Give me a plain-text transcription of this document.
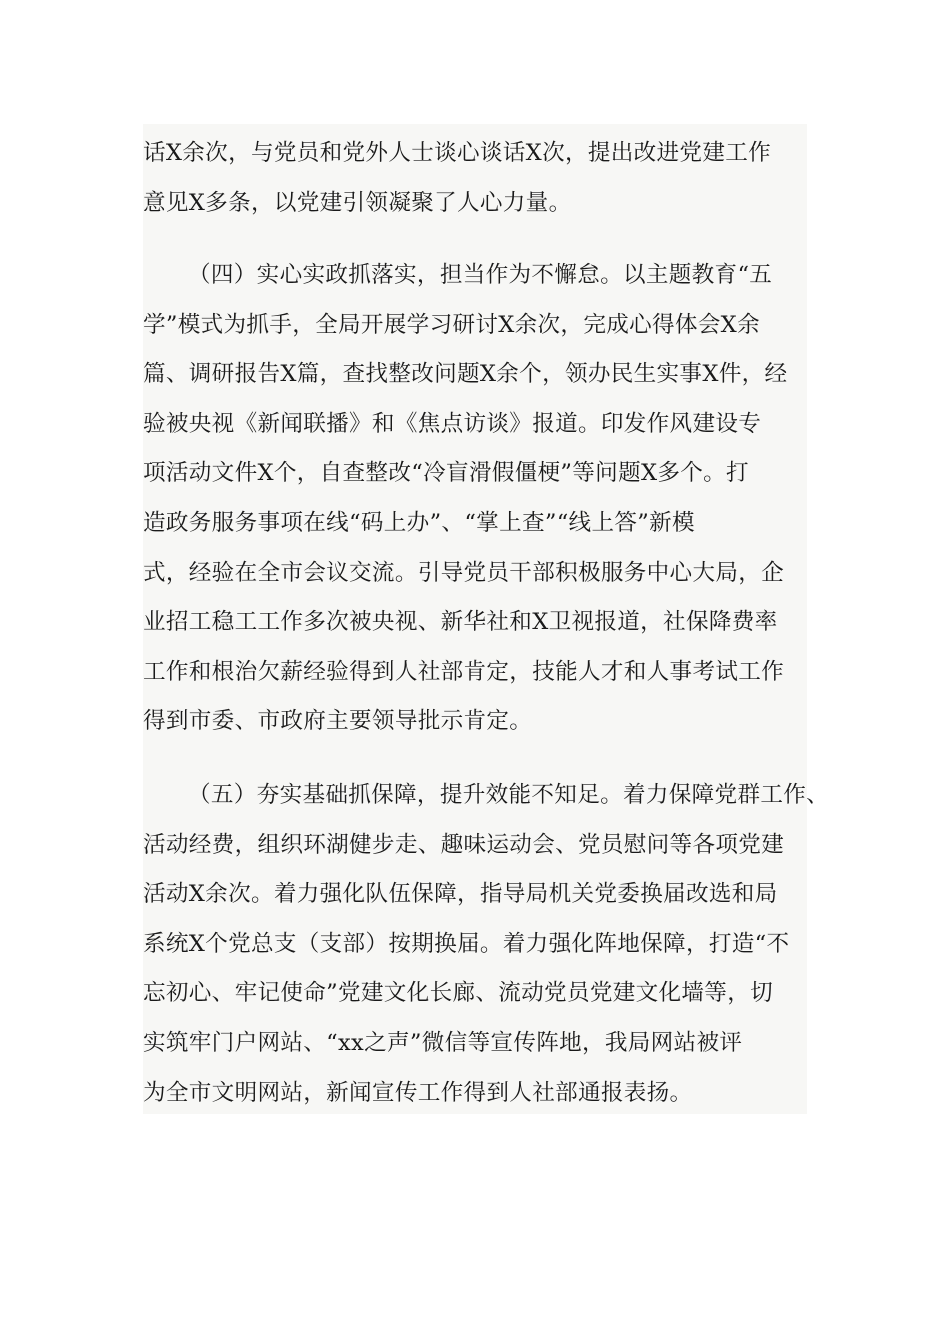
话Ⅹ余次，与党员和党外人士谈心谈话Ⅹ次，提出改进党建工作
意见Ⅹ多条，以党建引领凝聚了人心力量。
（四）实心实政抓落实，担当作为不懈怠。以主题教育“五
学”模式为抓手，全局开展学习研讨Ⅹ余次，完成心得体会Ⅹ余
篇、调研报告Ⅹ篇，查找整改问题Ⅹ余个，领办民生实事Ⅹ件，经
验被央视《新闻联播》和《焦点访谈》报道。印发作风建设专
项活动文件Ⅹ个，自查整改“冷盲滑假僵梗”等问题Ⅹ多个。打
造政务服务事项在线“码上办”、“掌上查”“线上答”新模
式，经验在全市会议交流。引导党员干部积极服务中心大局，企
业招工稳工工作多次被央视、新华社和Ⅹ卫视报道，社保降费率
工作和根治欠薪经验得到人社部肯定，技能人才和人事考试工作
得到市委、市政府主要领导批示肯定。
（五）夯实基础抓保障，提升效能不知足。着力保障党群工作、
活动经费，组织环湖健步走、趣味运动会、党员慰问等各项党建
活动Ⅹ余次。着力强化队伍保障，指导局机关党委换届改选和局
系统Ⅹ个党总支（支部）按期换届。着力强化阵地保障，打造“不
忘初心、牢记使命”党建文化长廊、流动党员党建文化墙等，切
实筑牢门户网站、“xx之声”微信等宣传阵地，我局网站被评
为全市文明网站，新闻宣传工作得到人社部通报表扬。
